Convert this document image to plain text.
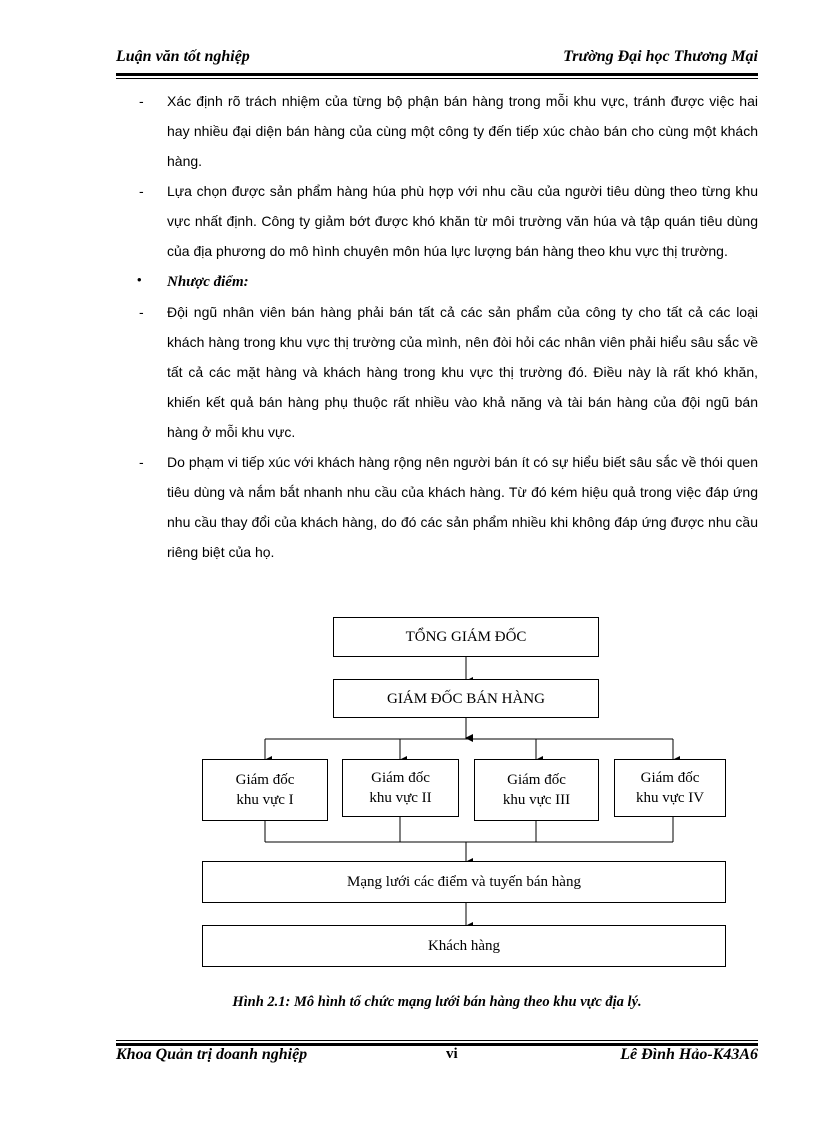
Luận văn tốt nghiệp	Trường Đại học Thương Mại

- Xác định rõ trách nhiệm của từng bộ phận bán hàng trong mỗi khu vực, tránh được việc hai hay nhiều đại diện bán hàng của cùng một công ty đến tiếp xúc chào bán cho cùng một khách hàng.

- Lựa chọn được sản phẩm hàng húa phù hợp với nhu cầu của người tiêu dùng theo từng khu vực nhất định. Công ty giảm bớt được khó khăn từ môi trường văn húa và tập quán tiêu dùng của địa phương do mô hình chuyên môn húa lực lượng bán hàng theo khu vực thị trường.

• Nhược điểm:

- Đội ngũ nhân viên bán hàng phải bán tất cả các sản phẩm của công ty cho tất cả các loại khách hàng trong khu vực thị trường của mình, nên đòi hỏi các nhân viên phải hiểu sâu sắc về tất cả các mặt hàng và khách hàng trong khu vực thị trường đó. Điều này là rất khó khăn, khiến kết quả bán hàng phụ thuộc rất nhiều vào khả năng và tài bán hàng của đội ngũ bán hàng ở mỗi khu vực.

- Do phạm vi tiếp xúc với khách hàng rộng nên người bán ít có sự hiểu biết sâu sắc về thói quen tiêu dùng và nắm bắt nhanh nhu cầu của khách hàng. Từ đó kém hiệu quả trong việc đáp ứng nhu cầu thay đổi của khách hàng, do đó các sản phẩm nhiều khi không đáp ứng được nhu cầu riêng biệt của họ.

TỔNG GIÁM ĐỐC
GIÁM ĐỐC BÁN HÀNG
Giám đốc
khu vực I
Giám đốc
khu vực II
Giám đốc
khu vực III
Giám đốc
khu vực IV
Mạng lưới các điểm và tuyến bán hàng
Khách hàng
Hình 2.1: Mô hình tổ chức mạng lưới bán hàng theo khu vực địa lý.
Khoa Quản trị doanh nghiệp	vi	Lê Đình Hảo-K43A6
